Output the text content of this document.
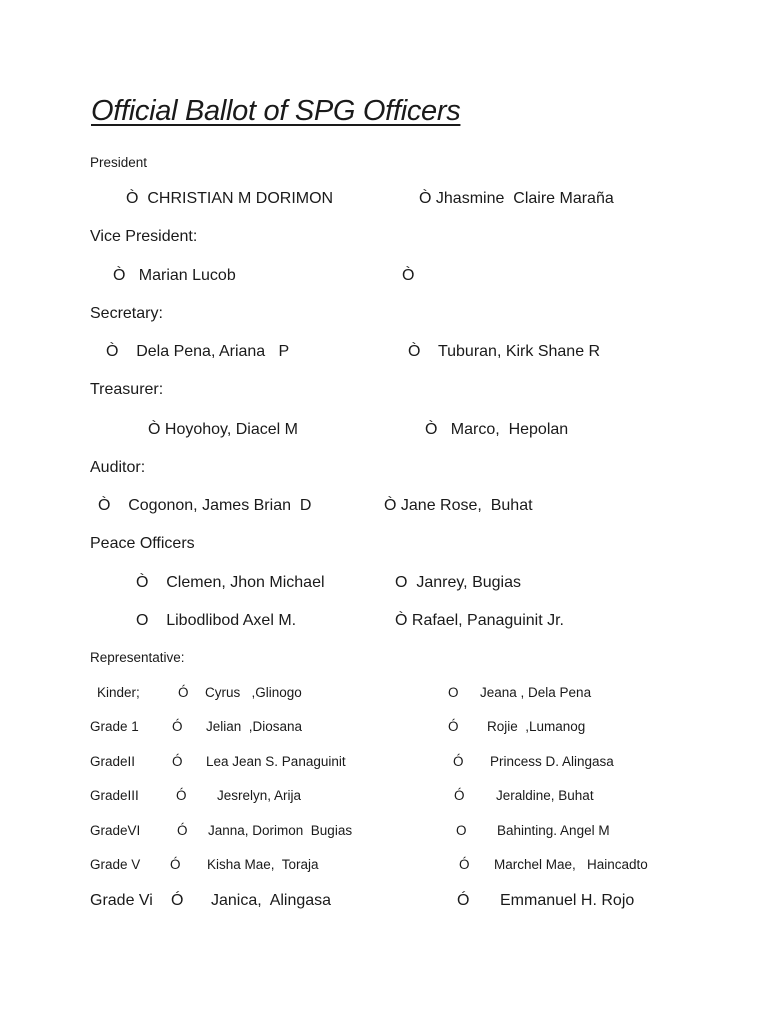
Official Ballot of SPG Officers
President
Ò  CHRISTIAN M DORIMON	Ò Jhasmine  Claire Maraña
Vice President:
Ò   Marian Lucob	Ò
Secretary:
Ò    Dela Pena, Ariana   P	Ò    Tuburan, Kirk Shane R
Treasurer:
Ò Hoyohoy, Diacel M	Ò   Marco,  Hepolan
Auditor:
Ò    Cogonon, James Brian  D	Ò Jane Rose,  Buhat
Peace Officers
Ò    Clemen, Jhon Michael	O  Janrey, Bugias
O    Libodlibod Axel M.	Ò Rafael, Panaguinit Jr.
Representative:
Kinder;	Ó Cyrus   ,Glinogo	O Jeana , Dela Pena
Grade 1 Ó Jelian  ,Diosana	Ó Rojie  ,Lumanog
GradeII	Ó Lea Jean S. Panaguinit	Ó Princess D. Alingasa
GradeIII	Ó Jesrelyn, Arija	Ó Jeraldine, Buhat
GradeVI	Ó Janna, Dorimon  Bugias	O Bahinting. Angel M
Grade V Ó Kisha Mae,  Toraja	Ó Marchel Mae,   Haincadto
Grade Vi Ó Janica,  Alingasa	Ó Emmanuel H. Rojo
